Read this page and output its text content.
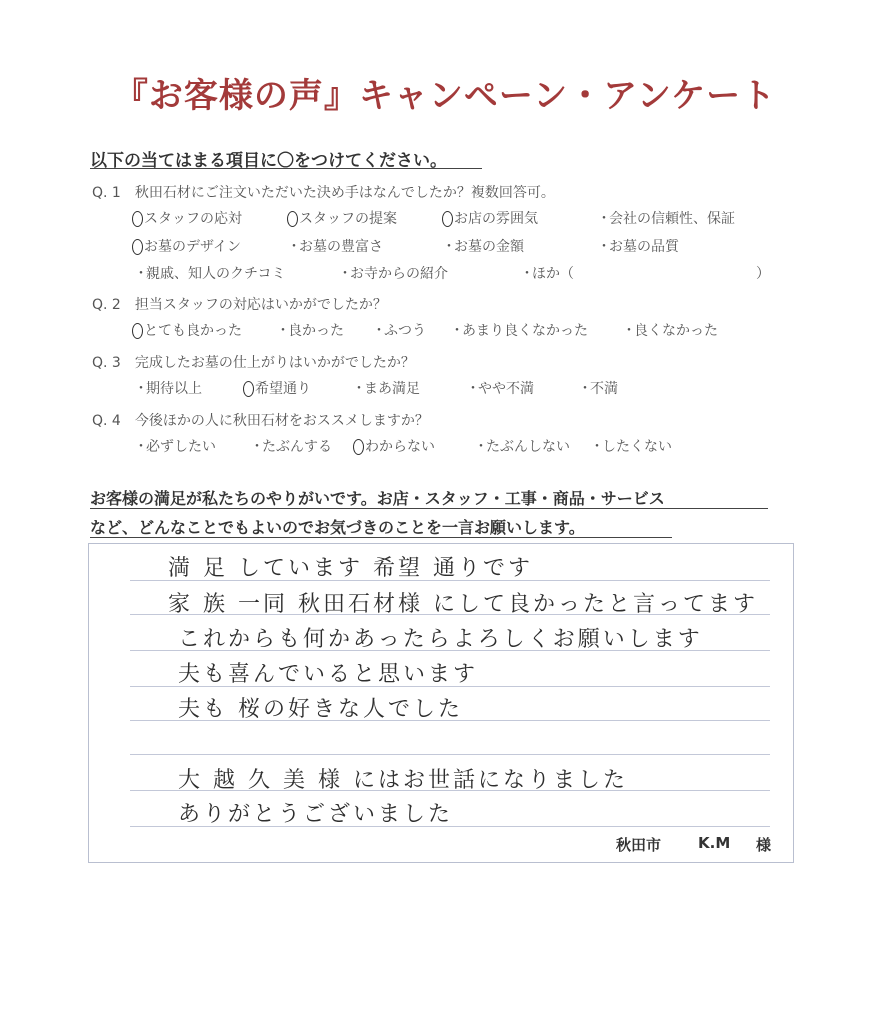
『お客様の声』キャンペーン・アンケート
以下の当てはまる項目に〇をつけてください。
Q. 1　秋田石材にご注文いただいた決め手はなんでしたか？複数回答可。
スタッフの応対	スタッフの提案	お店の雰囲気	・会社の信頼性、保証
お墓のデザイン	・お墓の豊富さ	・お墓の金額	・お墓の品質
・親戚、知人のクチコミ	・お寺からの紹介	・ほか（	）
Q. 2　担当スタッフの対応はいかがでしたか？
とても良かった ・良かった ・ふつう ・あまり良くなかった ・良くなかった
Q. 3　完成したお墓の仕上がりはいかがでしたか？
・期待以上	希望通り	・まあ満足	・やや不満	・不満
Q. 4　今後ほかの人に秋田石材をおススメしますか？
・必ずしたい ・たぶんする	わからない	・たぶんしない ・したくない
お客様の満足が私たちのやりがいです。お店・スタッフ・工事・商品・サービス
など、どんなことでもよいのでお気づきのことを一言お願いします。
満 足 しています 希望 通りです
家 族 一同 秋田石材様 にして良かったと言ってます
これからも何かあったらよろしくお願いします
夫も喜んでいると思います
夫も 桜の好きな人でした
大 越 久 美 様 にはお世話になりました
ありがとうございました
秋田市 K.M 様
